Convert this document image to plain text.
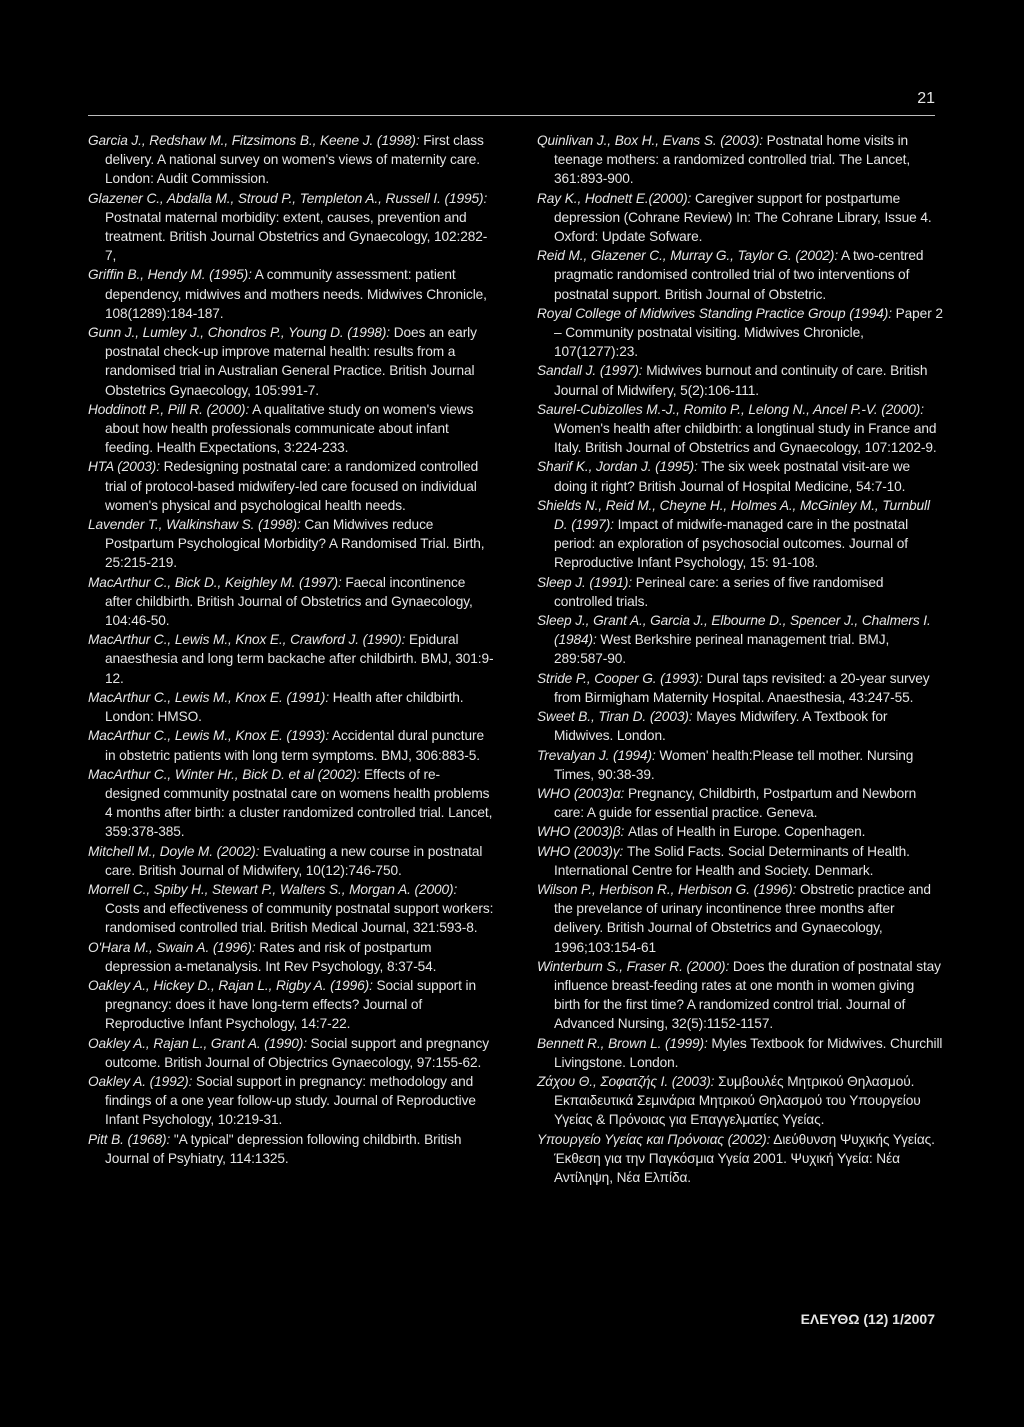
21

Garcia J., Redshaw M., Fitzsimons B., Keene J. (1998): First class delivery. A national survey on women's views of maternity care. London: Audit Commission.

Glazener C., Abdalla M., Stroud P., Templeton A., Russell I. (1995): Postnatal maternal morbidity: extent, causes, prevention and treatment. British Journal Obstetrics and Gynaecology, 102:282-7,

Griffin B., Hendy M. (1995): A community assessment: patient dependency, midwives and mothers needs. Midwives Chronicle, 108(1289):184-187.

Gunn J., Lumley J., Chondros P., Young D. (1998): Does an early postnatal check-up improve maternal health: results from a randomised trial in Australian General Practice. British Journal Obstetrics Gynaecology, 105:991-7.

Hoddinott P., Pill R. (2000): A qualitative study on women's views about how health professionals communicate about infant feeding. Health Expectations, 3:224-233.

HTA (2003): Redesigning postnatal care: a randomized controlled trial of protocol-based midwifery-led care focused on individual women's physical and psychological health needs.

Lavender T., Walkinshaw S. (1998): Can Midwives reduce Postpartum Psychological Morbidity? A Randomised Trial. Birth, 25:215-219.

MacArthur C., Bick D., Keighley M. (1997): Faecal incontinence after childbirth. British Journal of Obstetrics and Gynaecology, 104:46-50.

MacArthur C., Lewis M., Knox E., Crawford J. (1990): Epidural anaesthesia and long term backache after childbirth. BMJ, 301:9-12.

MacArthur C., Lewis M., Knox E. (1991): Health after childbirth. London: HMSO.

MacArthur C., Lewis M., Knox E. (1993): Accidental dural puncture in obstetric patients with long term symptoms. BMJ, 306:883-5.

MacArthur C., Winter Hr., Bick D. et al (2002): Effects of re-designed community postnatal care on womens health problems 4 months after birth: a cluster randomized controlled trial. Lancet, 359:378-385.

Mitchell M., Doyle M. (2002): Evaluating a new course in postnatal care. British Journal of Midwifery, 10(12):746-750.

Morrell C., Spiby H., Stewart P., Walters S., Morgan A. (2000): Costs and effectiveness of community postnatal support workers: randomised controlled trial. British Medical Journal, 321:593-8.

O'Hara M., Swain A. (1996): Rates and risk of postpartum depression a-metanalysis. Int Rev Psychology, 8:37-54.

Oakley A., Hickey D., Rajan L., Rigby A. (1996): Social support in pregnancy: does it have long-term effects? Journal of Reproductive Infant Psychology, 14:7-22.

Oakley A., Rajan L., Grant A. (1990): Social support and pregnancy outcome. British Journal of Objectrics Gynaecology, 97:155-62.

Oakley A. (1992): Social support in pregnancy: methodology and findings of a one year follow-up study. Journal of Reproductive Infant Psychology, 10:219-31.

Pitt B. (1968): "A typical" depression following childbirth. British Journal of Psyhiatry, 114:1325.

Quinlivan J., Box H., Evans S. (2003): Postnatal home visits in teenage mothers: a randomized controlled trial. The Lancet, 361:893-900.

Ray K., Hodnett E.(2000): Caregiver support for postpartume depression (Cohrane Review) In: The Cohrane Library, Issue 4. Oxford: Update Sofware.

Reid M., Glazener C., Murray G., Taylor G. (2002): A two-centred pragmatic randomised controlled trial of two interventions of postnatal support. British Journal of Obstetric.

Royal College of Midwives Standing Practice Group (1994): Paper 2 – Community postnatal visiting. Midwives Chronicle, 107(1277):23.

Sandall J. (1997): Midwives burnout and continuity of care. British Journal of Midwifery, 5(2):106-111.

Saurel-Cubizolles M.-J., Romito P., Lelong N., Ancel P.-V. (2000): Women's health after childbirth: a longtinual study in France and Italy. British Journal of Obstetrics and Gynaecology, 107:1202-9.

Sharif K., Jordan J. (1995): The six week postnatal visit-are we doing it right? British Journal of Hospital Medicine, 54:7-10.

Shields N., Reid M., Cheyne H., Holmes A., McGinley M., Turnbull D. (1997): Impact of midwife-managed care in the postnatal period: an exploration of psychosocial outcomes. Journal of Reproductive Infant Psychology, 15: 91-108.

Sleep J. (1991): Perineal care: a series of five randomised controlled trials.

Sleep J., Grant A., Garcia J., Elbourne D., Spencer J., Chalmers I. (1984): West Berkshire perineal management trial. BMJ, 289:587-90.

Stride P., Cooper G. (1993): Dural taps revisited: a 20-year survey from Birmigham Maternity Hospital. Anaesthesia, 43:247-55.

Sweet B., Tiran D. (2003): Mayes Midwifery. A Textbook for Midwives. London.

Trevalyan J. (1994): Women' health:Please tell mother. Nursing Times, 90:38-39.

WHO (2003)α: Pregnancy, Childbirth, Postpartum and Newborn care: A guide for essential practice. Geneva.

WHO (2003)β: Atlas of Health in Europe. Copenhagen.

WHO (2003)γ: The Solid Facts. Social Determinants of Health. International Centre for Health and Society. Denmark.

Wilson P., Herbison R., Herbison G. (1996): Obstretic practice and the prevelance of urinary incontinence three months after delivery. British Journal of Obstetrics and Gynaecology, 1996;103:154-61

Winterburn S., Fraser R. (2000): Does the duration of postnatal stay influence breast-feeding rates at one month in women giving birth for the first time? A randomized control trial. Journal of Advanced Nursing, 32(5):1152-1157.

Bennett R., Brown L. (1999): Myles Textbook for Midwives. Churchill Livingstone. London.

Ζάχου Θ., Σοφατζής Ι. (2003): Συμβουλές Μητρικού Θηλασμού. Εκπαιδευτικά Σεμινάρια Μητρικού Θηλασμού του Υπουργείου Υγείας & Πρόνοιας για Επαγγελματίες Υγείας.

Υπουργείο Υγείας και Πρόνοιας (2002): Διεύθυνση Ψυχικής Υγείας. Έκθεση για την Παγκόσμια Υγεία 2001. Ψυχική Υγεία: Νέα Αντίληψη, Νέα Ελπίδα.

ΕΛΕΥΘΩ (12) 1/2007
